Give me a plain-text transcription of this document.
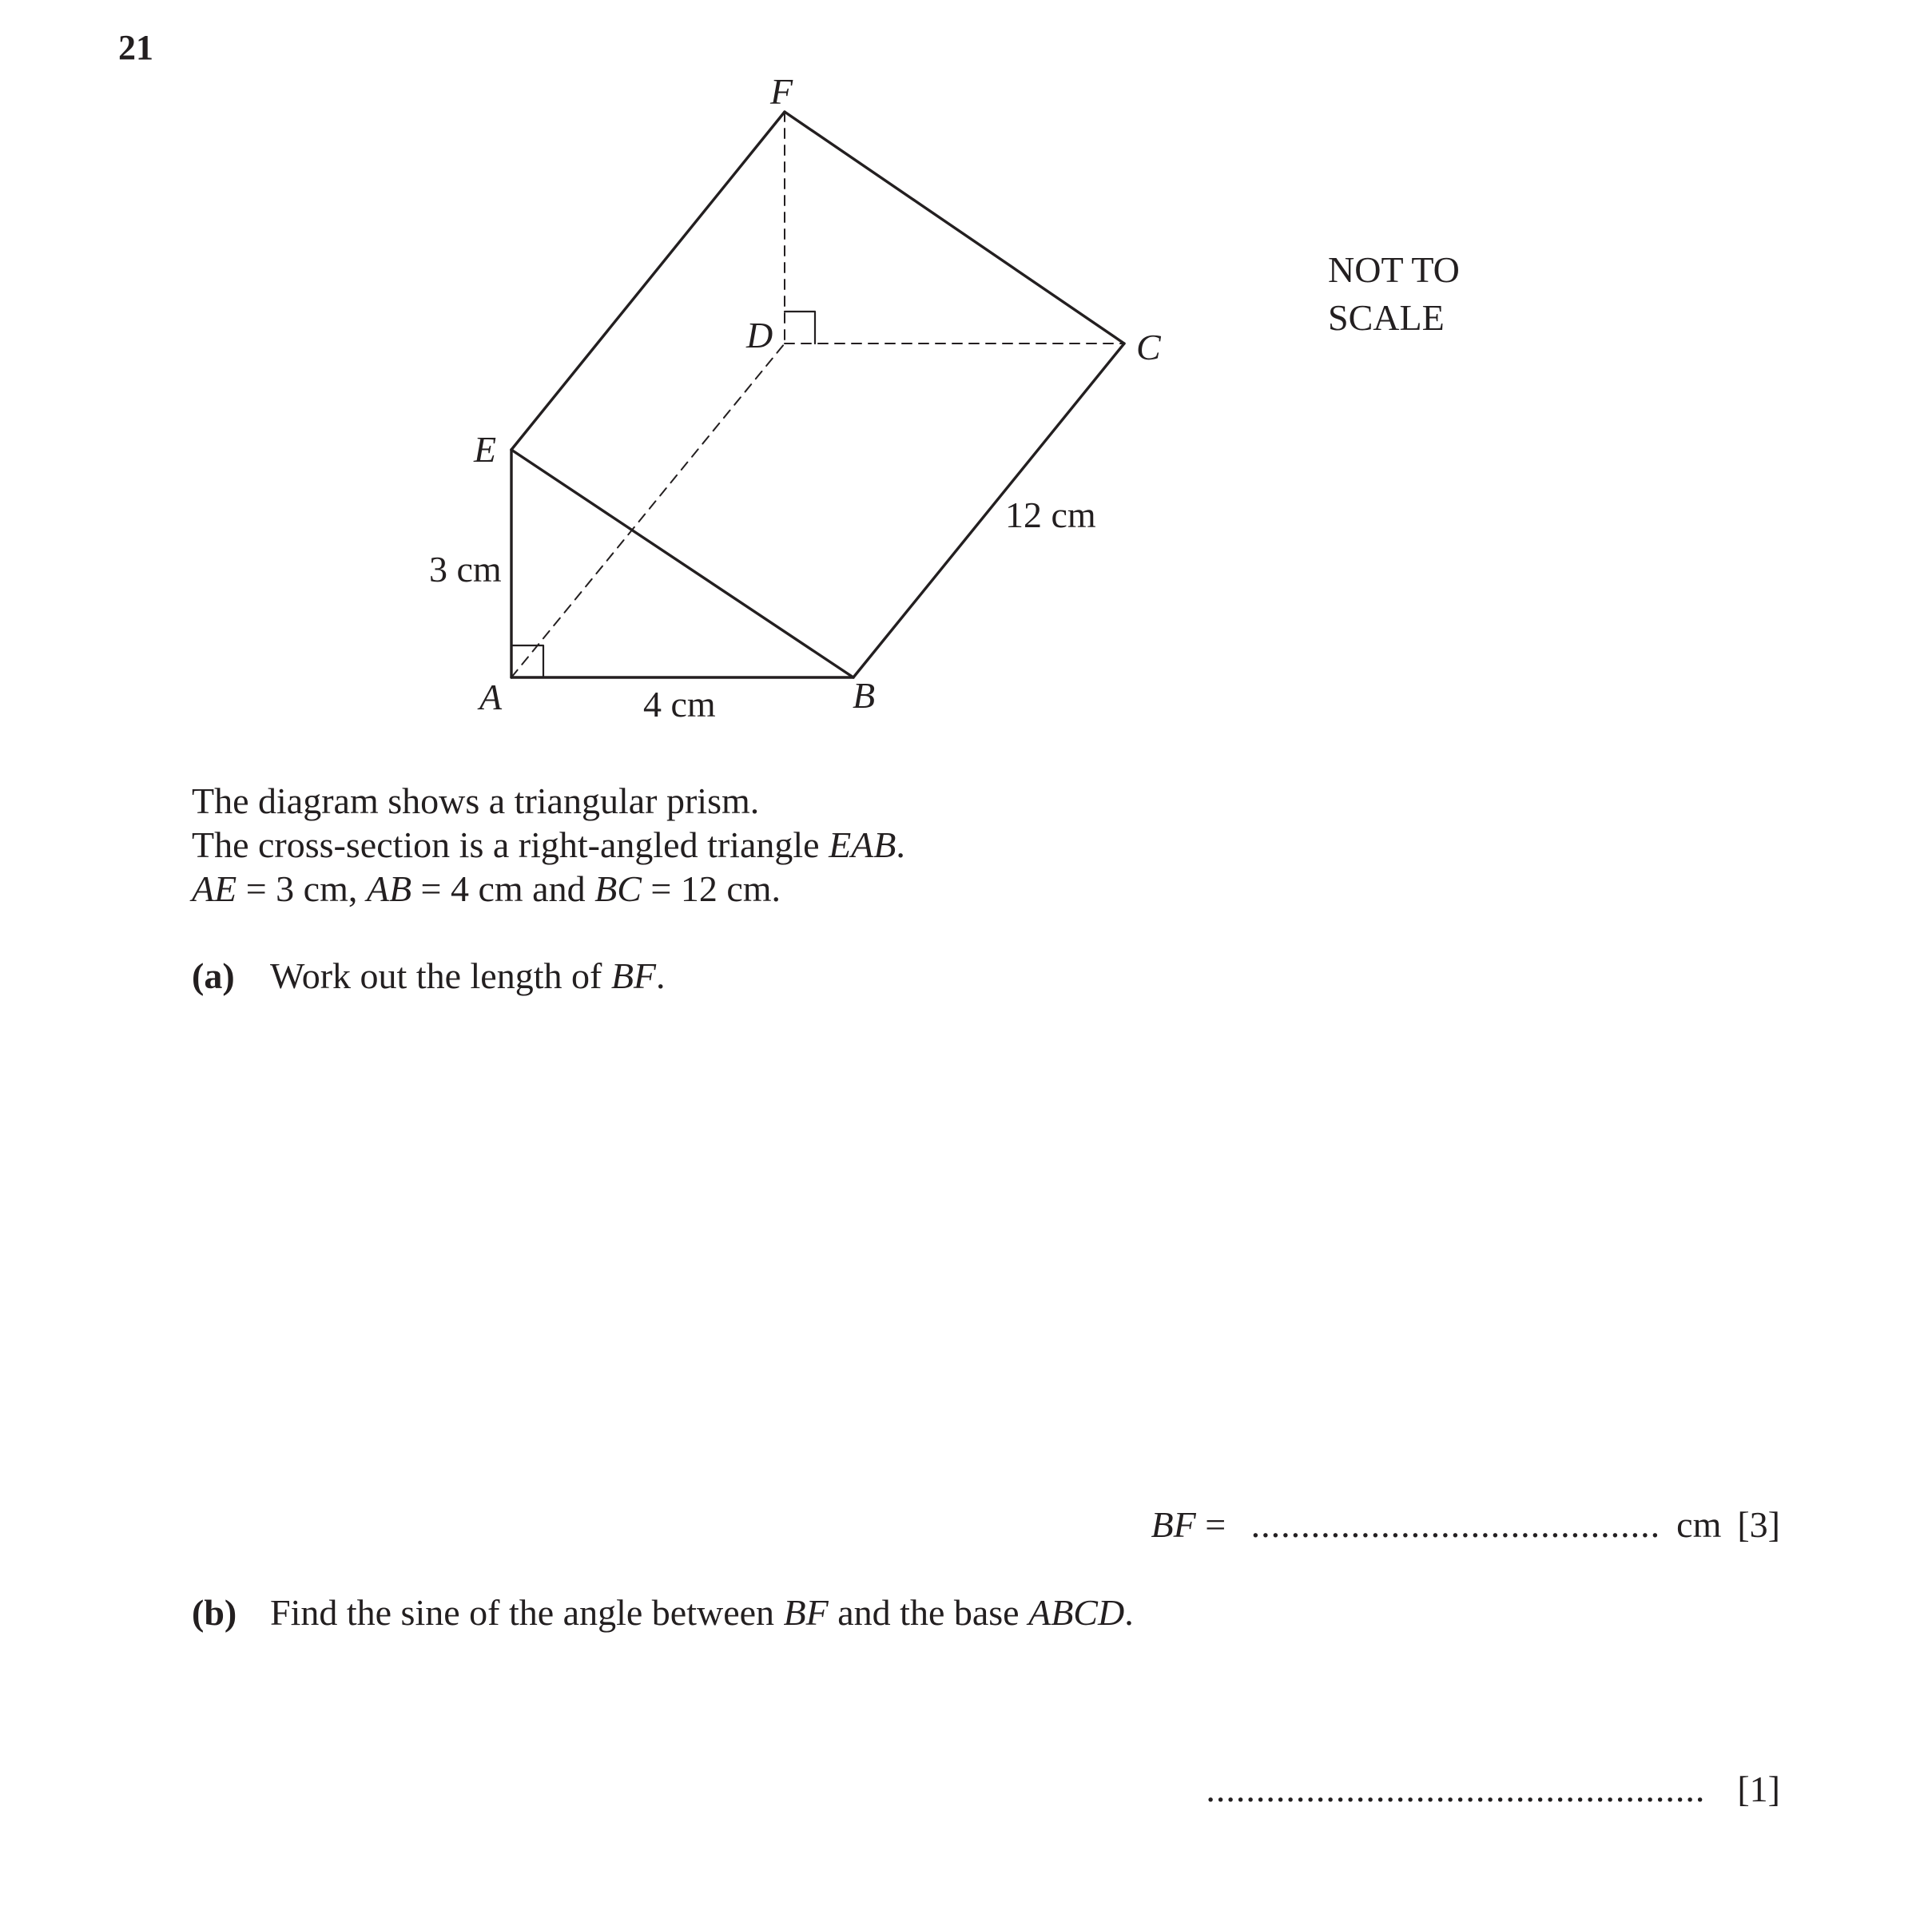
21
F
D	C
E
A	B
3 cm
4 cm
12 cm
NOT TO
SCALE
The diagram shows a triangular prism.
The cross-section is a right-angled triangle EAB.
AE = 3 cm, AB = 4 cm and BC = 12 cm.
(a) Work out the length of BF.
BF = ......................................... cm [3]
(b) Find the sine of the angle between BF and the base ABCD.
.................................................. [1]
